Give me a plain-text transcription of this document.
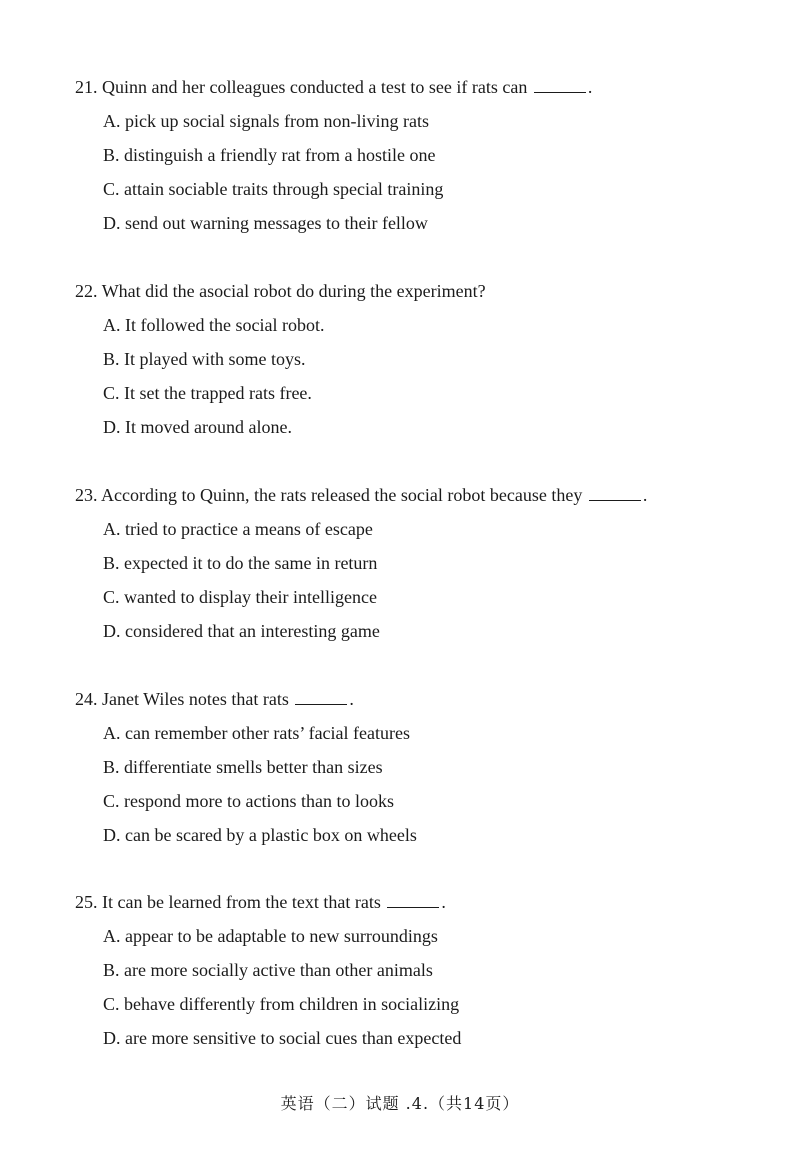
21. Quinn and her colleagues conducted a test to see if rats can	.
A. pick up social signals from non-living rats
B. distinguish a friendly rat from a hostile one
C. attain sociable traits through special training
D. send out warning messages to their fellow
22. What did the asocial robot do during the experiment?
A. It followed the social robot.
B. It played with some toys.
C. It set the trapped rats free.
D. It moved around alone.
23. According to Quinn, the rats released the social robot because they	.
A. tried to practice a means of escape
B. expected it to do the same in return
C. wanted to display their intelligence
D. considered that an interesting game
24. Janet Wiles notes that rats	.
A. can remember other rats’ facial features
B. differentiate smells better than sizes
C. respond more to actions than to looks
D. can be scared by a plastic box on wheels
25. It can be learned from the text that rats	.
A. appear to be adaptable to new surroundings
B. are more socially active than other animals
C. behave differently from children in socializing
D. are more sensitive to social cues than expected
英语（二）试题 .4.（共14页）
